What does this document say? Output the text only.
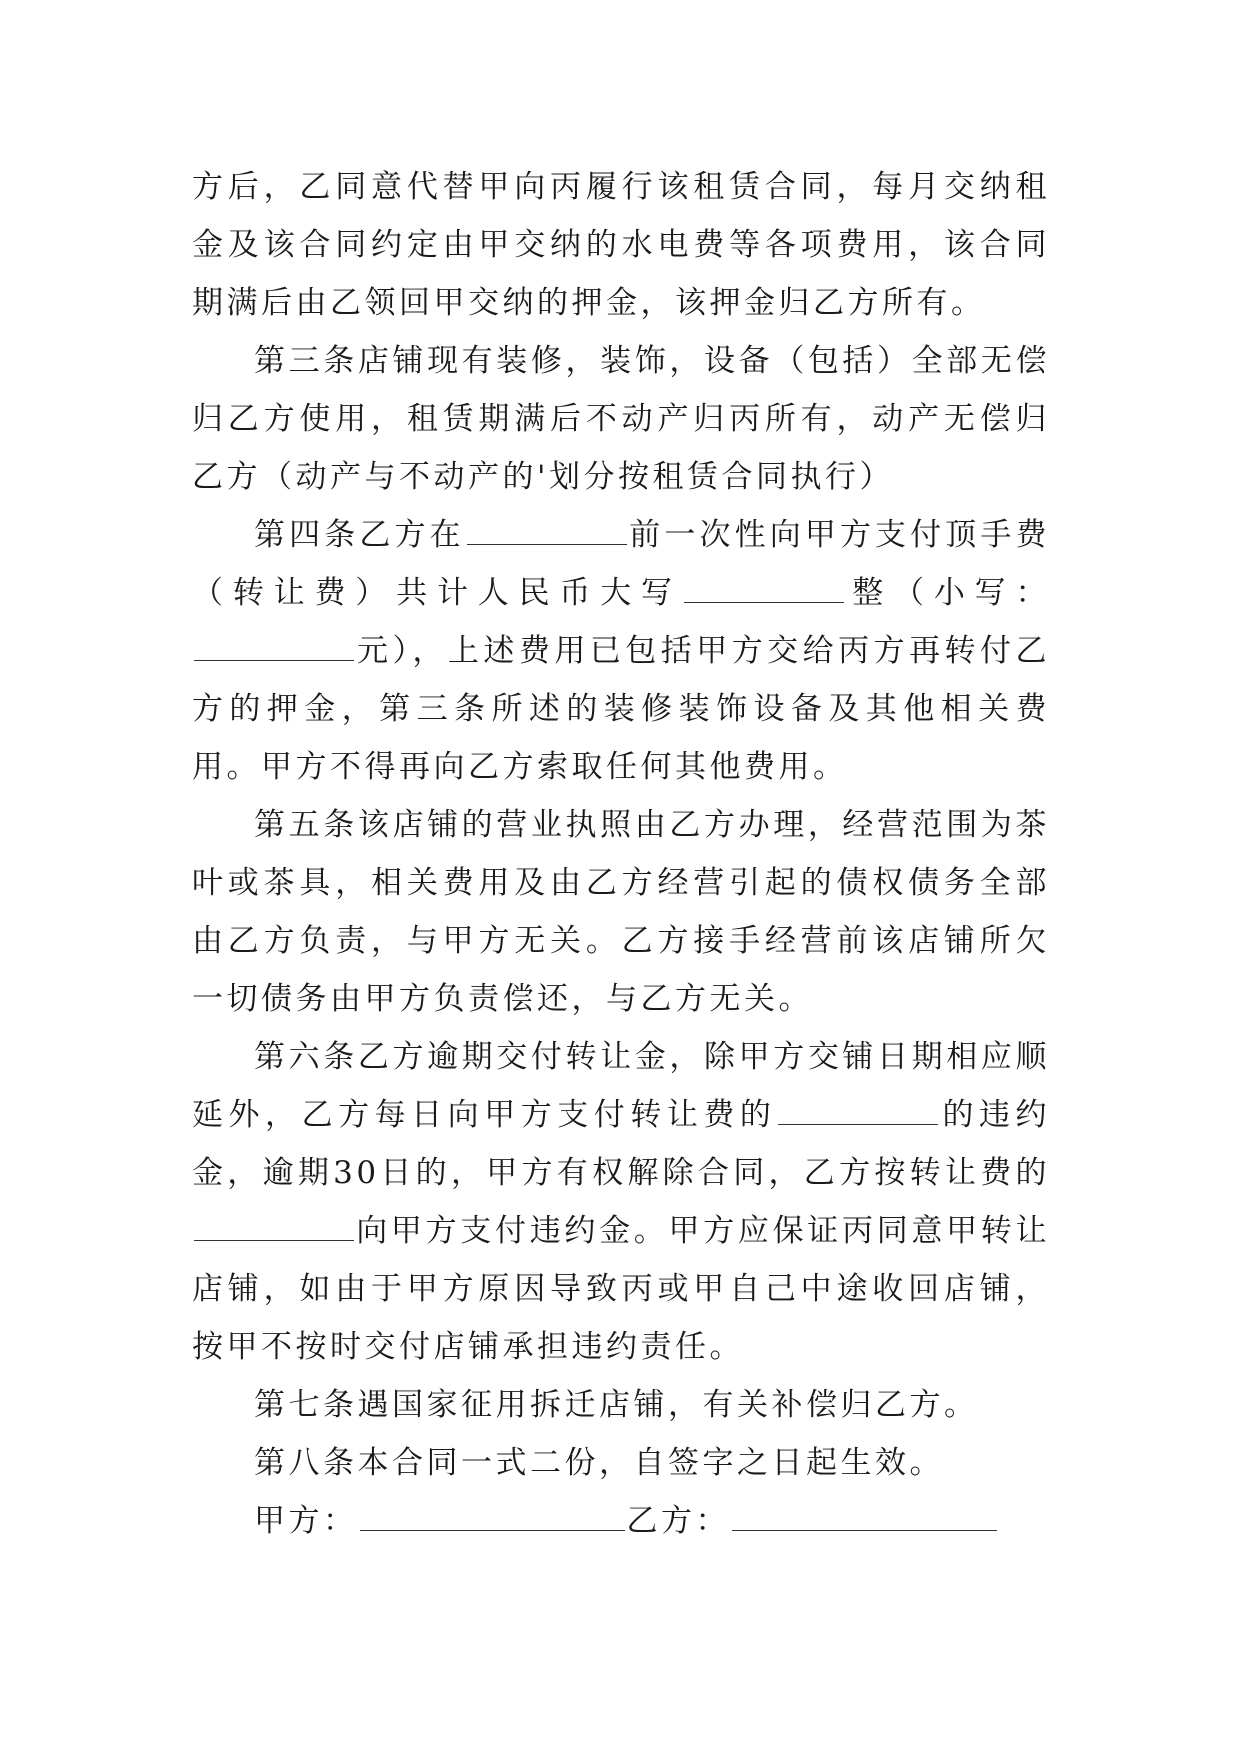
方后，乙同意代替甲向丙履行该租赁合同，每月交纳租金及该合同约定由甲交纳的水电费等各项费用，该合同期满后由乙领回甲交纳的押金，该押金归乙方所有。

第三条店铺现有装修，装饰，设备（包括）全部无偿归乙方使用，租赁期满后不动产归丙所有，动产无偿归乙方（动产与不动产的'划分按租赁合同执行）

第四条乙方在	前一次性向甲方支付顶手费（转让费）共计人民币大写	整（小写：元），上述费用已包括甲方交给丙方再转付乙方的押金，第三条所述的装修装饰设备及其他相关费用。甲方不得再向乙方索取任何其他费用。

第五条该店铺的营业执照由乙方办理，经营范围为茶叶或茶具，相关费用及由乙方经营引起的债权债务全部由乙方负责，与甲方无关。乙方接手经营前该店铺所欠一切债务由甲方负责偿还，与乙方无关。

第六条乙方逾期交付转让金，除甲方交铺日期相应顺延外，乙方每日向甲方支付转让费的	的违约金，逾期30日的，甲方有权解除合同，乙方按转让费的向甲方支付违约金。甲方应保证丙同意甲转让店铺，如由于甲方原因导致丙或甲自己中途收回店铺，按甲不按时交付店铺承担违约责任。

第七条遇国家征用拆迁店铺，有关补偿归乙方。

第八条本合同一式二份，自签字之日起生效。

甲方：	乙方：
